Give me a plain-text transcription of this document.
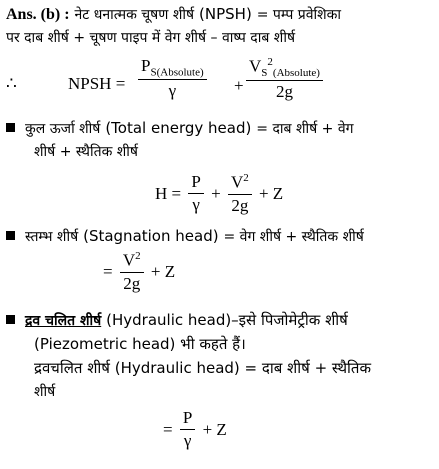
Ans. (b) : नेट धनात्मक चूषण शीर्ष (NPSH) = पम्प प्रवेशिका
पर दाब शीर्ष + चूषण पाइप में वेग शीर्ष – वाष्प दाब शीर्ष
∴	NPSH =
$P_{S(Absolute)}$
γ	+
$V_S^2_{(Absolute)}$
2g
कुल ऊर्जा शीर्ष (Total energy head) = दाब शीर्ष + वेग
शीर्ष + स्थैतिक शीर्ष
$H = \frac{P}{\gamma} + \frac{V^2}{2g} + Z$
स्तम्भ शीर्ष (Stagnation head) = वेग शीर्ष + स्थैतिक शीर्ष
= $\frac{V^2}{2g} + Z$
द्रव चलित शीर्ष (Hydraulic head)–इसे पिजोमेट्रीक शीर्ष
(Piezometric head) भी कहते हैं।
द्रवचलित शीर्ष (Hydraulic head) = दाब शीर्ष + स्थैतिक
शीर्ष
= $\frac{P}{\gamma} + Z$
